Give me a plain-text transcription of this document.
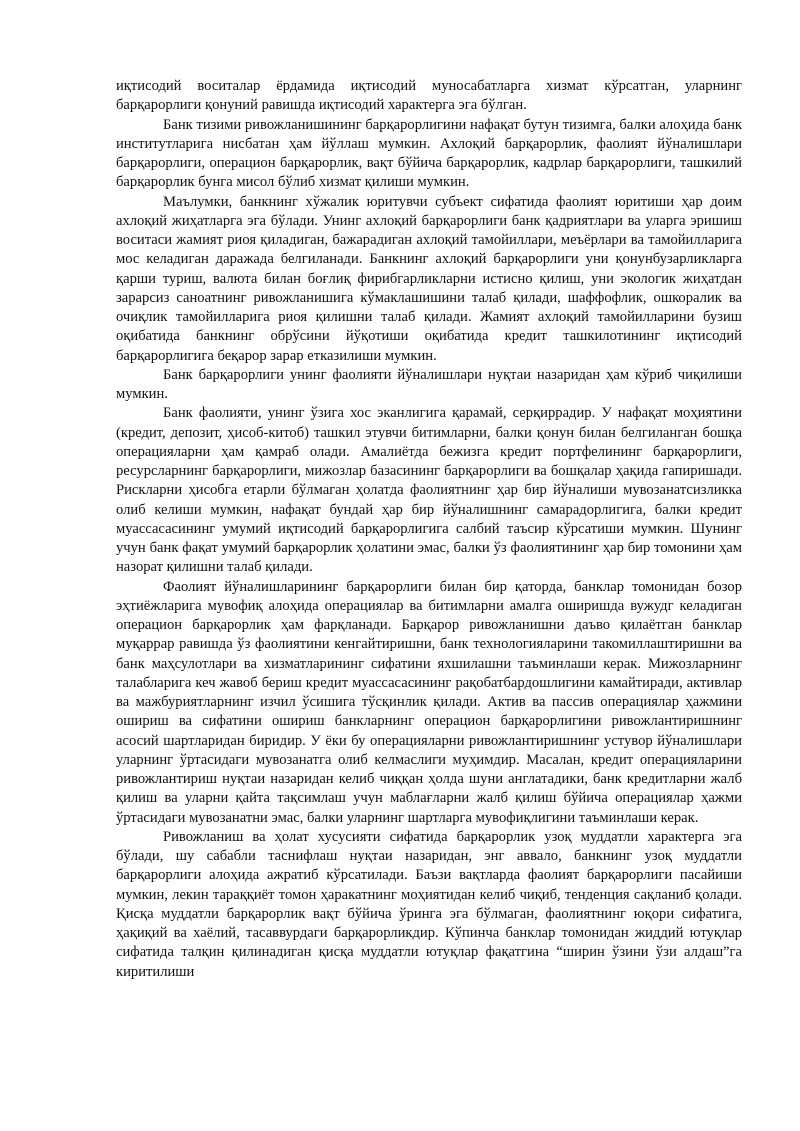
иқтисодий воситалар ёрдамида иқтисодий муносабатларга хизмат кўрсатган, уларнинг барқарорлиги қонуний равишда иқтисодий характерга эга бўлган.

Банк тизими ривожланишининг барқарорлигини нафақат бутун тизимга, балки алоҳида банк институтларига нисбатан ҳам йўллаш мумкин. Ахлоқий барқарорлик, фаолият йўналишлари барқарорлиги, операцион барқарорлик, вақт бўйича барқарорлик, кадрлар барқарорлиги, ташкилий барқарорлик бунга мисол бўлиб хизмат қилиши мумкин.

Маълумки, банкнинг хўжалик юритувчи субъект сифатида фаолият юритиши ҳар доим ахлоқий жиҳатларга эга бўлади. Унинг ахлоқий барқарорлиги банк қадриятлари ва уларга эришиш воситаси жамият риоя қиладиган, бажарадиган ахлоқий тамойиллари, меъёрлари ва тамойилларига мос келадиган даражада белгиланади. Банкнинг ахлоқий барқарорлиги уни қонунбузарликларга қарши туриш, валюта билан боғлиқ фирибгарликларни истисно қилиш, уни экологик жиҳатдан зарарсиз саноатнинг ривожланишига кўмаклашишини талаб қилади, шаффофлик, ошкоралик ва очиқлик тамойилларига риоя қилишни талаб қилади. Жамият ахлоқий тамойилларини бузиш оқибатида банкнинг обрўсини йўқотиши оқибатида кредит ташкилотининг иқтисодий барқарорлигига беқарор зарар етказилиши мумкин.

Банк барқарорлиги унинг фаолияти йўналишлари нуқтаи назаридан ҳам кўриб чиқилиши мумкин.

Банк фаолияти, унинг ўзига хос эканлигига қарамай, серқиррадир. У нафақат моҳиятини (кредит, депозит, ҳисоб-китоб) ташкил этувчи битимларни, балки қонун билан белгиланган бошқа операцияларни ҳам қамраб олади. Амалиётда бежизга кредит портфелининг барқарорлиги, ресурсларнинг барқарорлиги, мижозлар базасининг барқарорлиги ва бошқалар ҳақида гапиришади. Рискларни ҳисобга етарли бўлмаган ҳолатда фаолиятнинг ҳар бир йўналиши мувозанатсизликка олиб келиши мумкин, нафақат бундай ҳар бир йўналишнинг самарадорлигига, балки кредит муассасасининг умумий иқтисодий барқарорлигига салбий таъсир кўрсатиши мумкин. Шунинг учун банк фақат умумий барқарорлик ҳолатини эмас, балки ўз фаолиятининг ҳар бир томонини ҳам назорат қилишни талаб қилади.

Фаолият йўналишларининг барқарорлиги билан бир қаторда, банклар томонидан бозор эҳтиёжларига мувофиқ алоҳида операциялар ва битимларни амалга оширишда вужудг келадиган операцион барқарорлик ҳам фарқланади. Барқарор ривожланишни даъво қилаётган банклар муқаррар равишда ўз фаолиятини кенгайтиришни, банк технологияларини такомиллаштиришни ва банк маҳсулотлари ва хизматларининг сифатини яхшилашни таъминлаши керак. Мижозларнинг талабларига кеч жавоб бериш кредит муассасасининг рақобатбардошлигини камайтиради, активлар ва мажбуриятларнинг изчил ўсишига тўсқинлик қилади. Актив ва пассив операциялар ҳажмини ошириш ва сифатини ошириш банкларнинг операцион барқарорлигини ривожлантиришнинг асосий шартларидан биридир. У ёки бу операцияларни ривожлантиришнинг устувор йўналишлари уларнинг ўртасидаги мувозанатга олиб келмаслиги муҳимдир. Масалан, кредит операцияларини ривожлантириш нуқтаи назаридан келиб чиққан ҳолда шуни англатадики, банк кредитларни жалб қилиш ва уларни қайта тақсимлаш учун маблағларни жалб қилиш бўйича операциялар ҳажми ўртасидаги мувозанатни эмас, балки уларнинг шартларга мувофиқлигини таъминлаши керак.

Ривожланиш ва ҳолат хусусияти сифатида барқарорлик узоқ муддатли характерга эга бўлади, шу сабабли таснифлаш нуқтаи назаридан, энг аввало, банкнинг узоқ муддатли барқарорлиги алоҳида ажратиб кўрсатилади. Баъзи вақтларда фаолият барқарорлиги пасайиши мумкин, лекин тараққиёт томон ҳаракатнинг моҳиятидан келиб чиқиб, тенденция сақланиб қолади. Қисқа муддатли барқарорлик вақт бўйича ўринга эга бўлмаган, фаолиятнинг юқори сифатига, ҳақиқий ва хаёлий, тасаввурдаги барқарорликдир. Кўпинча банклар томонидан жиддий ютуқлар сифатида талқин қилинадиган қисқа муддатли ютуқлар фақатгина “ширин ўзини ўзи алдаш”га киритилиши
